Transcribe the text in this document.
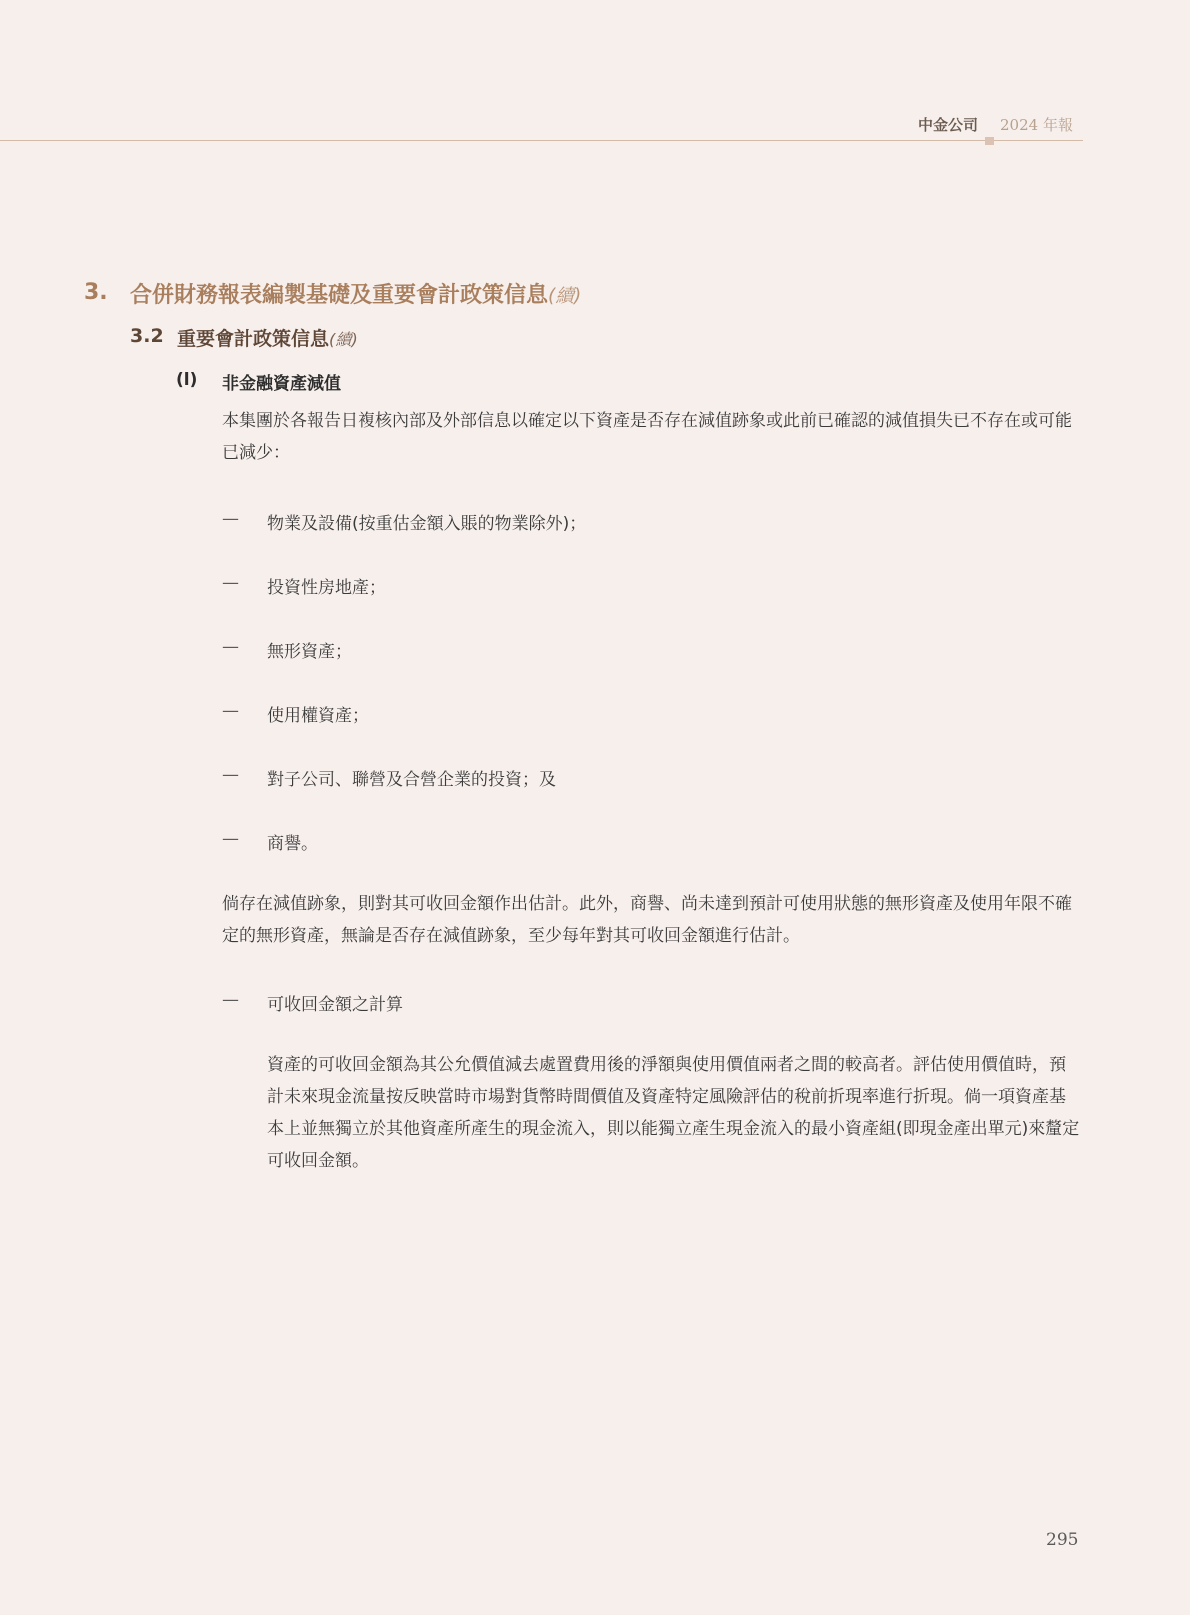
中金公司 2024 年報
3. 合併財務報表編製基礎及重要會計政策信息(續)
3.2 重要會計政策信息(續)
(l) 非金融資產減值

本集團於各報告日複核內部及外部信息以確定以下資產是否存在減值跡象或此前已確認的減值損失已不存在或可能已減少：

— 物業及設備(按重估金額入賬的物業除外)；
— 投資性房地產；
— 無形資產；
— 使用權資產；
— 對子公司、聯營及合營企業的投資；及
— 商譽。

倘存在減值跡象，則對其可收回金額作出估計。此外，商譽、尚未達到預計可使用狀態的無形資產及使用年限不確定的無形資產，無論是否存在減值跡象，至少每年對其可收回金額進行估計。

— 可收回金額之計算

資產的可收回金額為其公允價值減去處置費用後的淨額與使用價值兩者之間的較高者。評估使用價值時，預計未來現金流量按反映當時市場對貨幣時間價值及資產特定風險評估的稅前折現率進行折現。倘一項資產基本上並無獨立於其他資產所產生的現金流入，則以能獨立產生現金流入的最小資產組(即現金產出單元)來釐定可收回金額。

295
